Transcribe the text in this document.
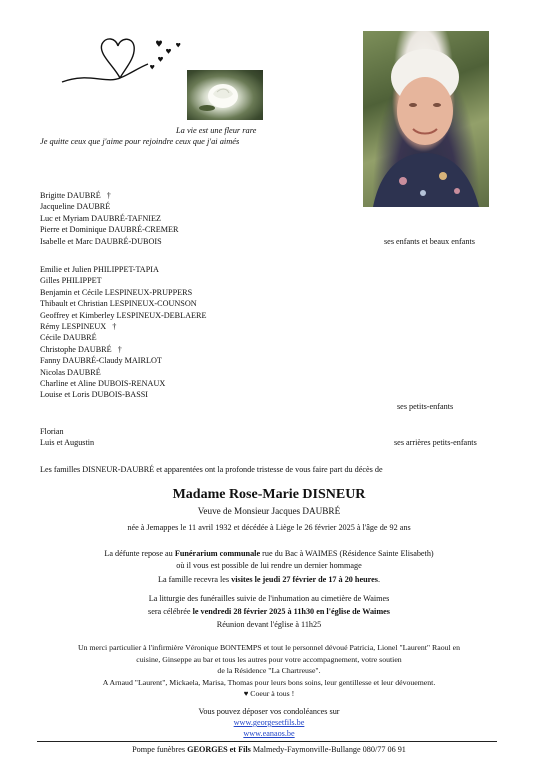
La vie est une fleur rare
Je quitte ceux que j'aime pour rejoindre ceux que j'ai aimés
Brigitte DAUBRÉ †
Jacqueline DAUBRÉ
Luc et Myriam DAUBRÉ-TAFNIEZ
Pierre et Dominique DAUBRÉ-CREMER
Isabelle et Marc DAUBRÉ-DUBOIS	ses enfants et beaux enfants
Emilie et Julien PHILIPPET-TAPIA
Gilles PHILIPPET
Benjamin et Cécile LESPINEUX-PRUPPERS
Thibault et Christian LESPINEUX-COUNSON
Geoffrey et Kimberley LESPINEUX-DEBLAERE
Rémy LESPINEUX †
Cécile DAUBRÉ
Christophe DAUBRÉ †
Fanny DAUBRÉ-Claudy MAIRLOT
Nicolas DAUBRÉ
Charline et Aline DUBOIS-RENAUX
Louise et Loris DUBOIS-BASSI
ses petits-enfants
Florian
Luis et Augustin	ses arrières petits-enfants
Les familles DISNEUR-DAUBRÉ et apparentées ont la profonde tristesse de vous faire part du décès de
Madame Rose-Marie DISNEUR
Veuve de Monsieur Jacques DAUBRÉ
née à Jemappes le 11 avril 1932 et décédée à Liège le 26 février 2025 à l'âge de 92 ans
La défunte repose au Funérarium communale rue du Bac à WAIMES (Résidence Sainte Elisabeth)
où il vous est possible de lui rendre un dernier hommage
La famille recevra les visites le jeudi 27 février de 17 à 20 heures.
La litturgie des funérailles suivie de l'inhumation au cimetière de Waimes
sera célébrée le vendredi 28 février 2025 à 11h30 en l'église de Waimes
Réunion devant l'église à 11h25
Un merci particulier à l'infirmière Véronique BONTEMPS et tout le personnel dévoué Patricia, Lionel "Laurent" Raoul en
cuisine, Ginseppe au bar et tous les autres pour votre accompagnement, votre soutien
de la Résidence "La Chartreuse".
A Arnaud "Laurent", Mickaela, Marisa, Thomas pour leurs bons soins, leur gentillesse et leur dévouement.
♥ Coeur à tous !
Vous pouvez déposer vos condoléances sur
www.georgesetfils.be
www.eanaos.be
Pompe funèbres GEORGES et Fils Malmedy-Faymonville-Bullange 080/77 06 91
